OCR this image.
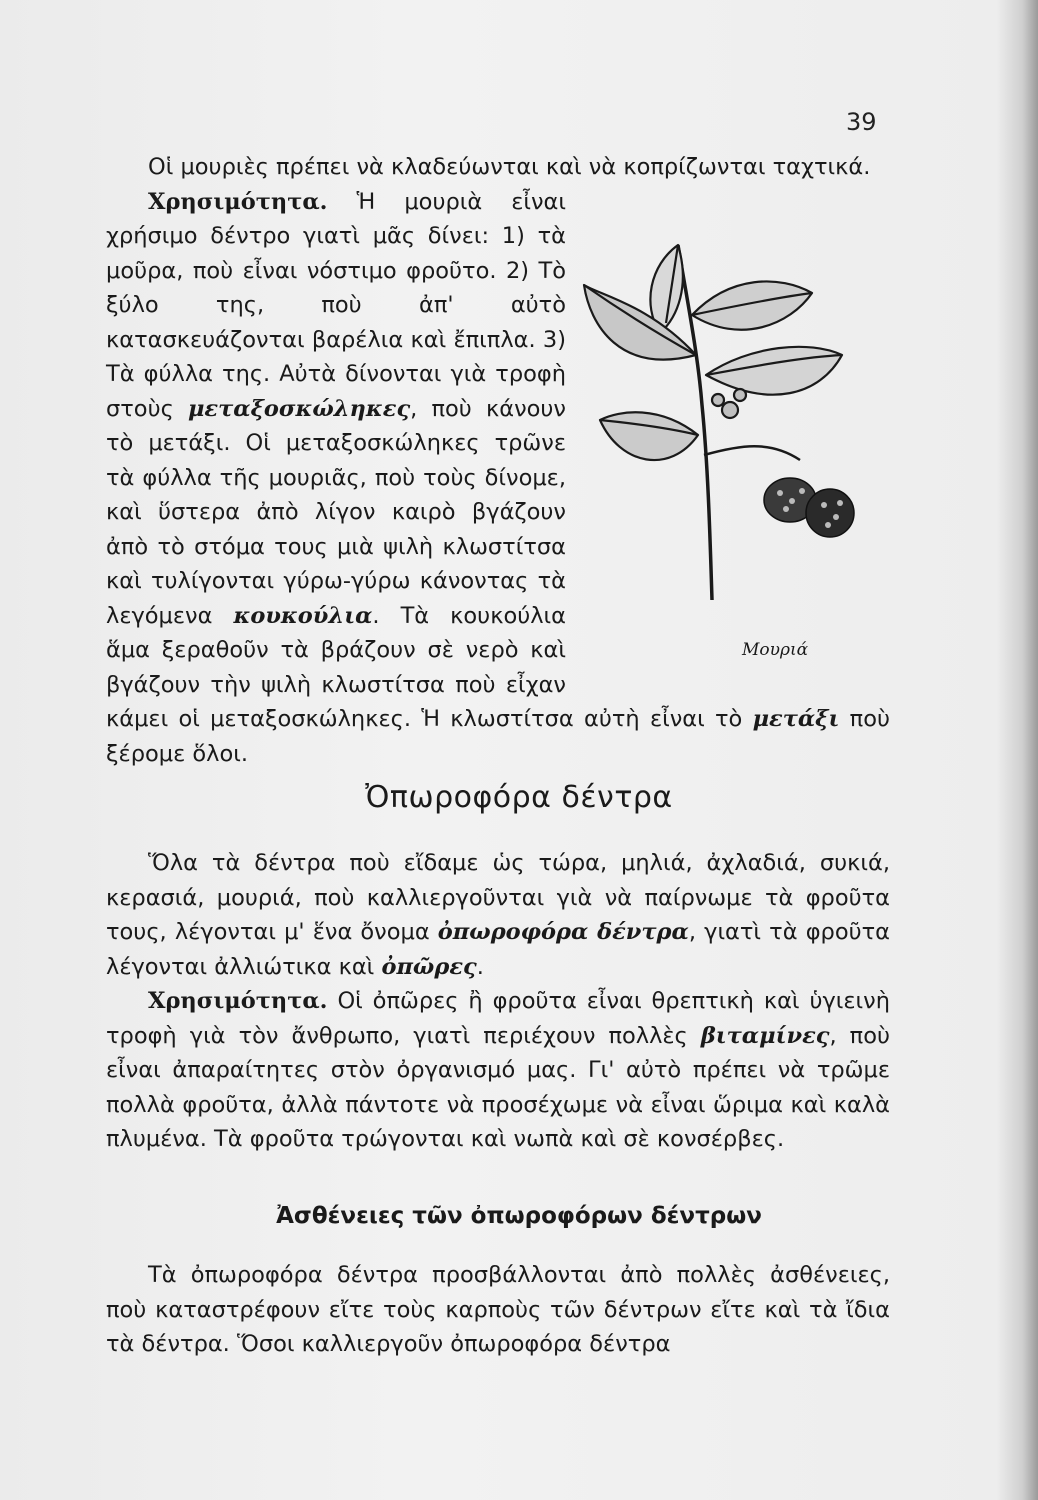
39

Οἱ μουριὲς πρέπει νὰ κλαδεύωνται καὶ νὰ κοπρίζωνται ταχτικά.

Μουριά
Χρησιμότητα. Ἡ μουριὰ εἶναι χρήσιμο δέντρο γιατὶ μᾶς δίνει: 1) τὰ μοῦρα, ποὺ εἶναι νόστιμο φροῦτο. 2) Τὸ ξύλο της, ποὺ ἀπ' αὐτὸ κατασκευάζονται βαρέλια καὶ ἔπιπλα. 3) Τὰ φύλλα της. Αὐτὰ δίνονται γιὰ τροφὴ στοὺς μεταξοσκώληκες, ποὺ κάνουν τὸ μετάξι. Οἱ μεταξοσκώληκες τρῶνε τὰ φύλλα τῆς μουριᾶς, ποὺ τοὺς δίνομε, καὶ ὕστερα ἀπὸ λίγον καιρὸ βγάζουν ἀπὸ τὸ στόμα τους μιὰ ψιλὴ κλωστίτσα καὶ τυλίγονται γύρω-γύρω κάνοντας τὰ λεγόμενα κουκούλια. Τὰ κουκούλια ἅμα ξεραθοῦν τὰ βράζουν σὲ νερὸ καὶ βγάζουν τὴν ψιλὴ κλωστίτσα ποὺ εἶχαν κάμει οἱ μεταξοσκώληκες. Ἡ κλωστίτσα αὐτὴ εἶναι τὸ μετάξι ποὺ ξέρομε ὅλοι.

Ὀπωροφόρα δέντρα

Ὅλα τὰ δέντρα ποὺ εἴδαμε ὡς τώρα, μηλιά, ἀχλαδιά, συκιά, κερασιά, μουριά, ποὺ καλλιεργοῦνται γιὰ νὰ παίρνωμε τὰ φροῦτα τους, λέγονται μ' ἕνα ὄνομα ὀπωροφόρα δέντρα, γιατὶ τὰ φροῦτα λέγονται ἀλλιώτικα καὶ ὀπῶρες.

Χρησιμότητα. Οἱ ὀπῶρες ἢ φροῦτα εἶναι θρεπτικὴ καὶ ὑγιεινὴ τροφὴ γιὰ τὸν ἄνθρωπο, γιατὶ περιέχουν πολλὲς βιταμίνες, ποὺ εἶναι ἀπαραίτητες στὸν ὀργανισμό μας. Γι' αὐτὸ πρέπει νὰ τρῶμε πολλὰ φροῦτα, ἀλλὰ πάντοτε νὰ προσέχωμε νὰ εἶναι ὥριμα καὶ καλὰ πλυμένα. Τὰ φροῦτα τρώγονται καὶ νωπὰ καὶ σὲ κονσέρβες.

Ἀσθένειες τῶν ὀπωροφόρων δέντρων

Τὰ ὀπωροφόρα δέντρα προσβάλλονται ἀπὸ πολλὲς ἀσθένειες, ποὺ καταστρέφουν εἴτε τοὺς καρποὺς τῶν δέντρων εἴτε καὶ τὰ ἴδια τὰ δέντρα. Ὅσοι καλλιεργοῦν ὀπωροφόρα δέντρα
